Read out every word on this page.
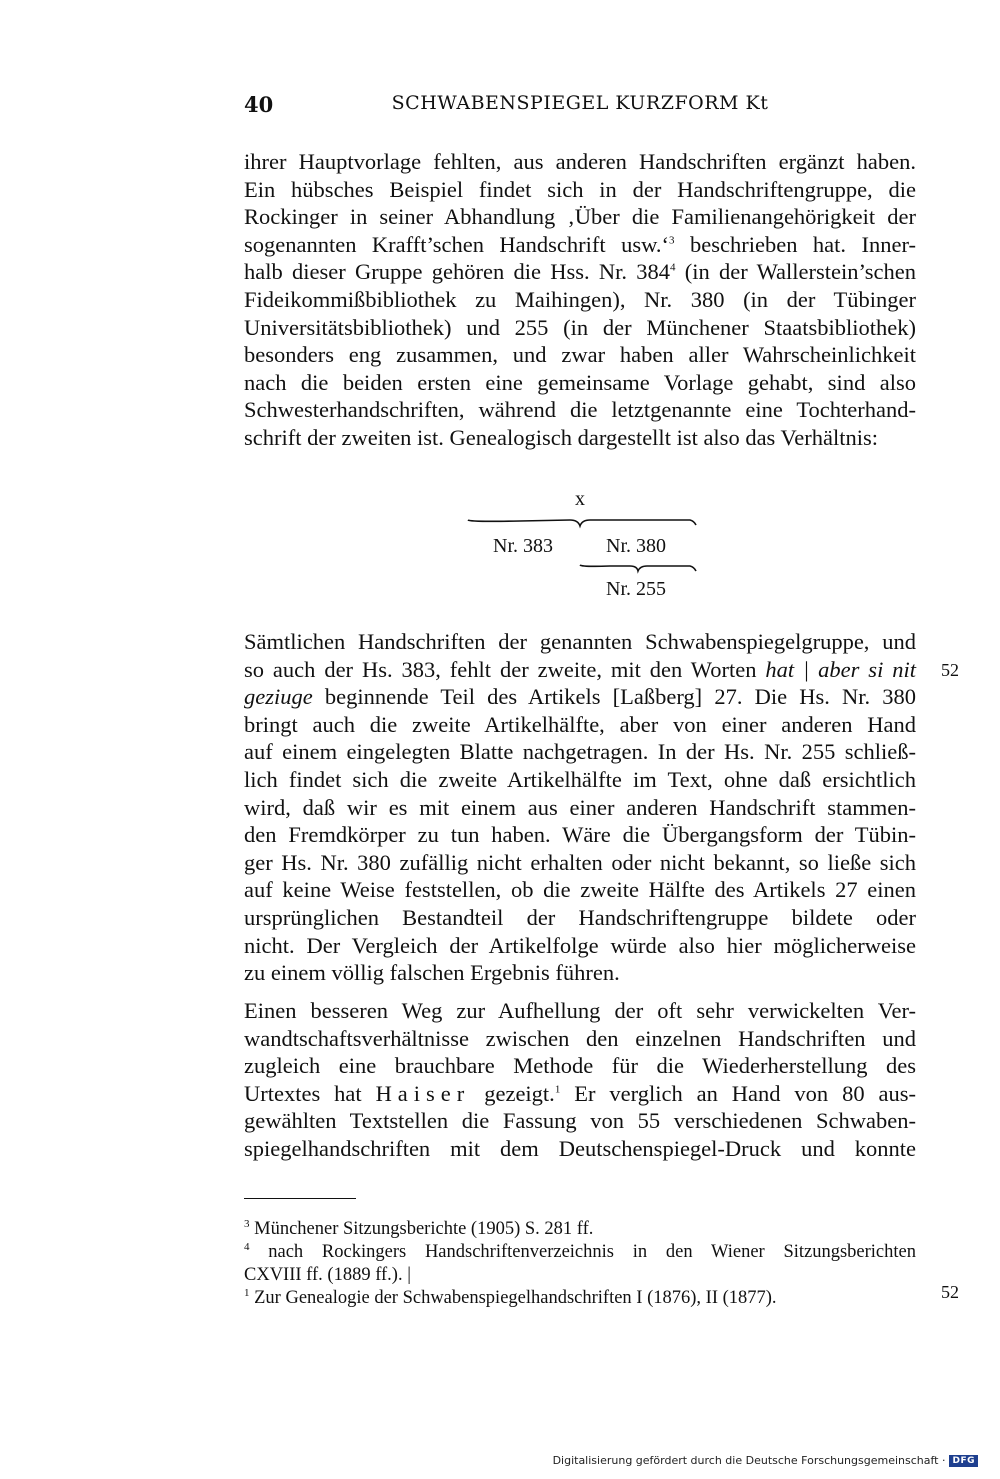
40	SCHWABENSPIEGEL KURZFORM Kt
ihrer Hauptvorlage fehlten, aus anderen Handschriften ergänzt haben.
Ein hübsches Beispiel findet sich in der Handschriftengruppe, die
Rockinger in seiner Abhandlung ‚Über die Familienangehörigkeit der
sogenannten Krafft’schen Handschrift usw.‘$^3$ beschrieben hat. Inner-
halb dieser Gruppe gehören die Hss. Nr. $384^4$ (in der Wallerstein’schen
Fideikommißbibliothek zu Maihingen), Nr. 380 (in der Tübinger
Universitätsbibliothek) und 255 (in der Münchener Staatsbibliothek)
besonders eng zusammen, und zwar haben aller Wahrscheinlichkeit
nach die beiden ersten eine gemeinsame Vorlage gehabt, sind also
Schwesterhandschriften, während die letztgenannte eine Tochterhand-
schrift der zweiten ist. Genealogisch dargestellt ist also das Verhältnis:
x
Nr. 383	Nr. 380
Nr. 255
Sämtlichen Handschriften der genannten Schwabenspiegelgruppe, und
so auch der Hs. 383, fehlt der zweite, mit den Worten hat | aber si nit
geziuge beginnende Teil des Artikels [Laßberg] 27. Die Hs. Nr. 380
bringt auch die zweite Artikelhälfte, aber von einer anderen Hand
auf einem eingelegten Blatte nachgetragen. In der Hs. Nr. 255 schließ-
lich findet sich die zweite Artikelhälfte im Text, ohne daß ersichtlich
wird, daß wir es mit einem aus einer anderen Handschrift stammen-
den Fremdkörper zu tun haben. Wäre die Übergangsform der Tübin-
ger Hs. Nr. 380 zufällig nicht erhalten oder nicht bekannt, so ließe sich
auf keine Weise feststellen, ob die zweite Hälfte des Artikels 27 einen
ursprünglichen Bestandteil der Handschriftengruppe bildete oder
nicht. Der Vergleich der Artikelfolge würde also hier möglicherweise
zu einem völlig falschen Ergebnis führen.
Einen besseren Weg zur Aufhellung der oft sehr verwickelten Ver-
wandtschaftsverhältnisse zwischen den einzelnen Handschriften und
zugleich eine brauchbare Methode für die Wiederherstellung des
Urtextes hat Haiser gezeigt.$^1$ Er verglich an Hand von 80 aus-
gewählten Textstellen die Fassung von 55 verschiedenen Schwaben-
spiegelhandschriften mit dem Deutschenspiegel-Druck und konnte
52
52
$^3$ Münchener Sitzungsberichte (1905) S. 281 ff.
$^4$ nach Rockingers Handschriftenverzeichnis in den Wiener Sitzungsberichten
CXVIII ff. (1889 ff.). |
$^1$ Zur Genealogie der Schwabenspiegelhandschriften I (1876), II (1877).
Digitalisierung gefördert durch die Deutsche Forschungsgemeinschaft · DFG
